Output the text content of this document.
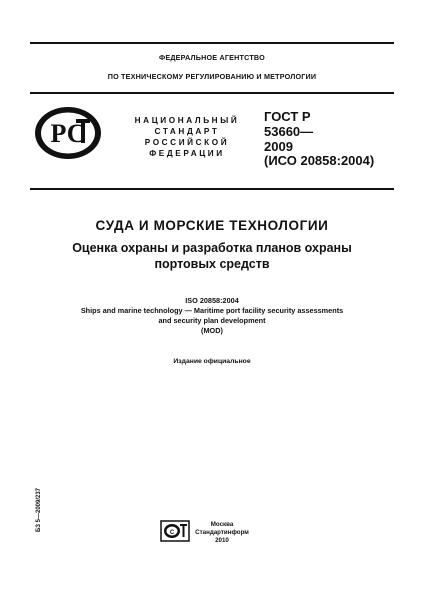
ФЕДЕРАЛЬНОЕ АГЕНТСТВО
ПО ТЕХНИЧЕСКОМУ РЕГУЛИРОВАНИЮ И МЕТРОЛОГИИ
РС	НАЦИОНАЛЬНЫЙ
СТАНДАРТ
РОССИЙСКОЙ
ФЕДЕРАЦИИ
ГОСТ Р
53660—
2009
(ИСО 20858:2004)
СУДА И МОРСКИЕ ТЕХНОЛОГИИ
Оценка охраны и разработка планов охраны
портовых средств
ISO 20858:2004
Ships and marine technology — Maritime port facility security assessments
and security plan development
(MOD)
Издание официальное
БЗ 5—2009/237
С
Москва
Стандартинформ
2010
